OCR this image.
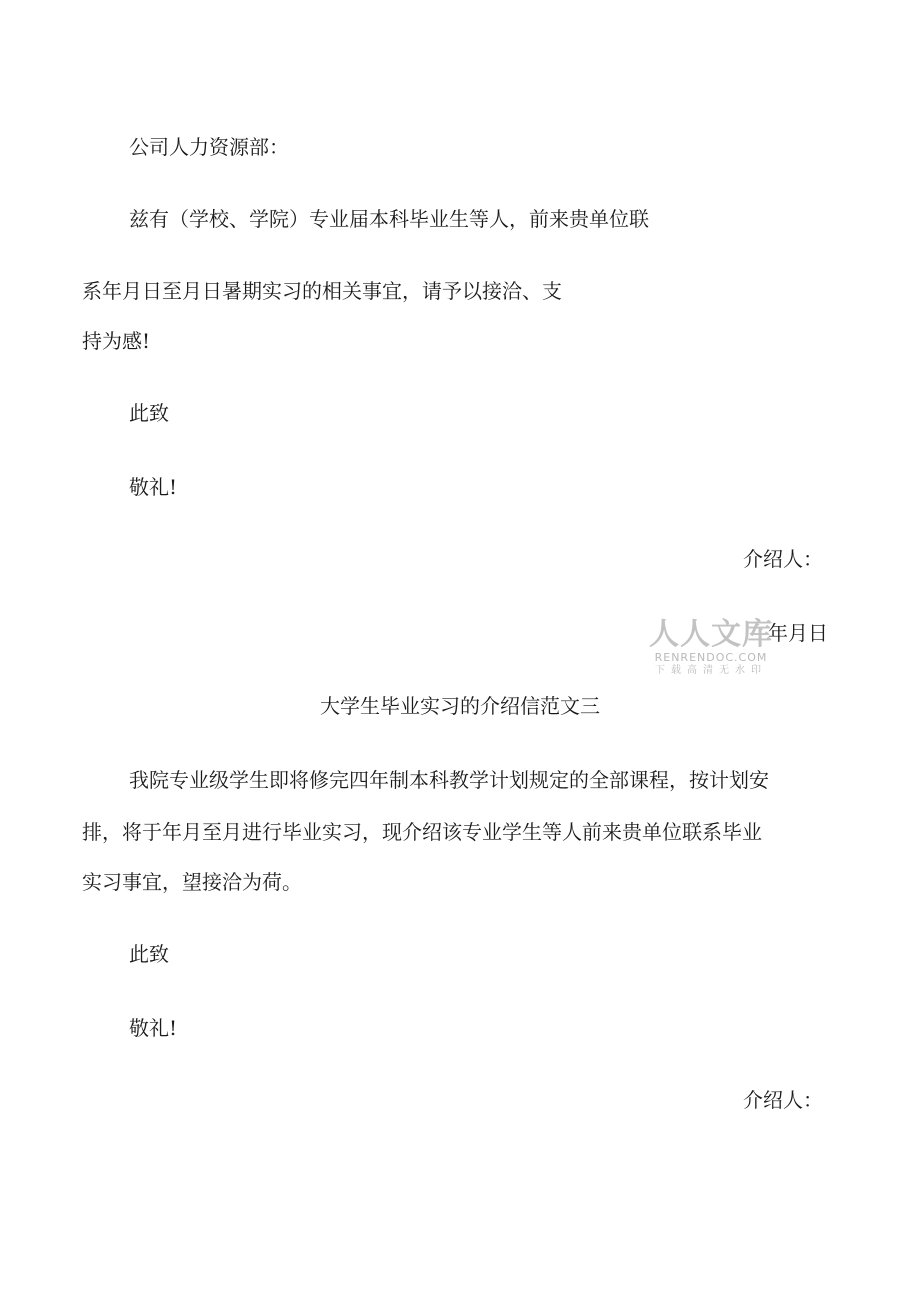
公司人力资源部：

兹有（学校、学院）专业届本科毕业生等人，前来贵单位联

系年月日至月日暑期实习的相关事宜，请予以接洽、支

持为感!

此致

敬礼!

介绍人：

年月日

人人文库
RENRENDOC.COM
下载高清无水印

大学生毕业实习的介绍信范文三

我院专业级学生即将修完四年制本科教学计划规定的全部课程，按计划安

排，将于年月至月进行毕业实习，现介绍该专业学生等人前来贵单位联系毕业

实习事宜，望接洽为荷。

此致

敬礼!

介绍人：
